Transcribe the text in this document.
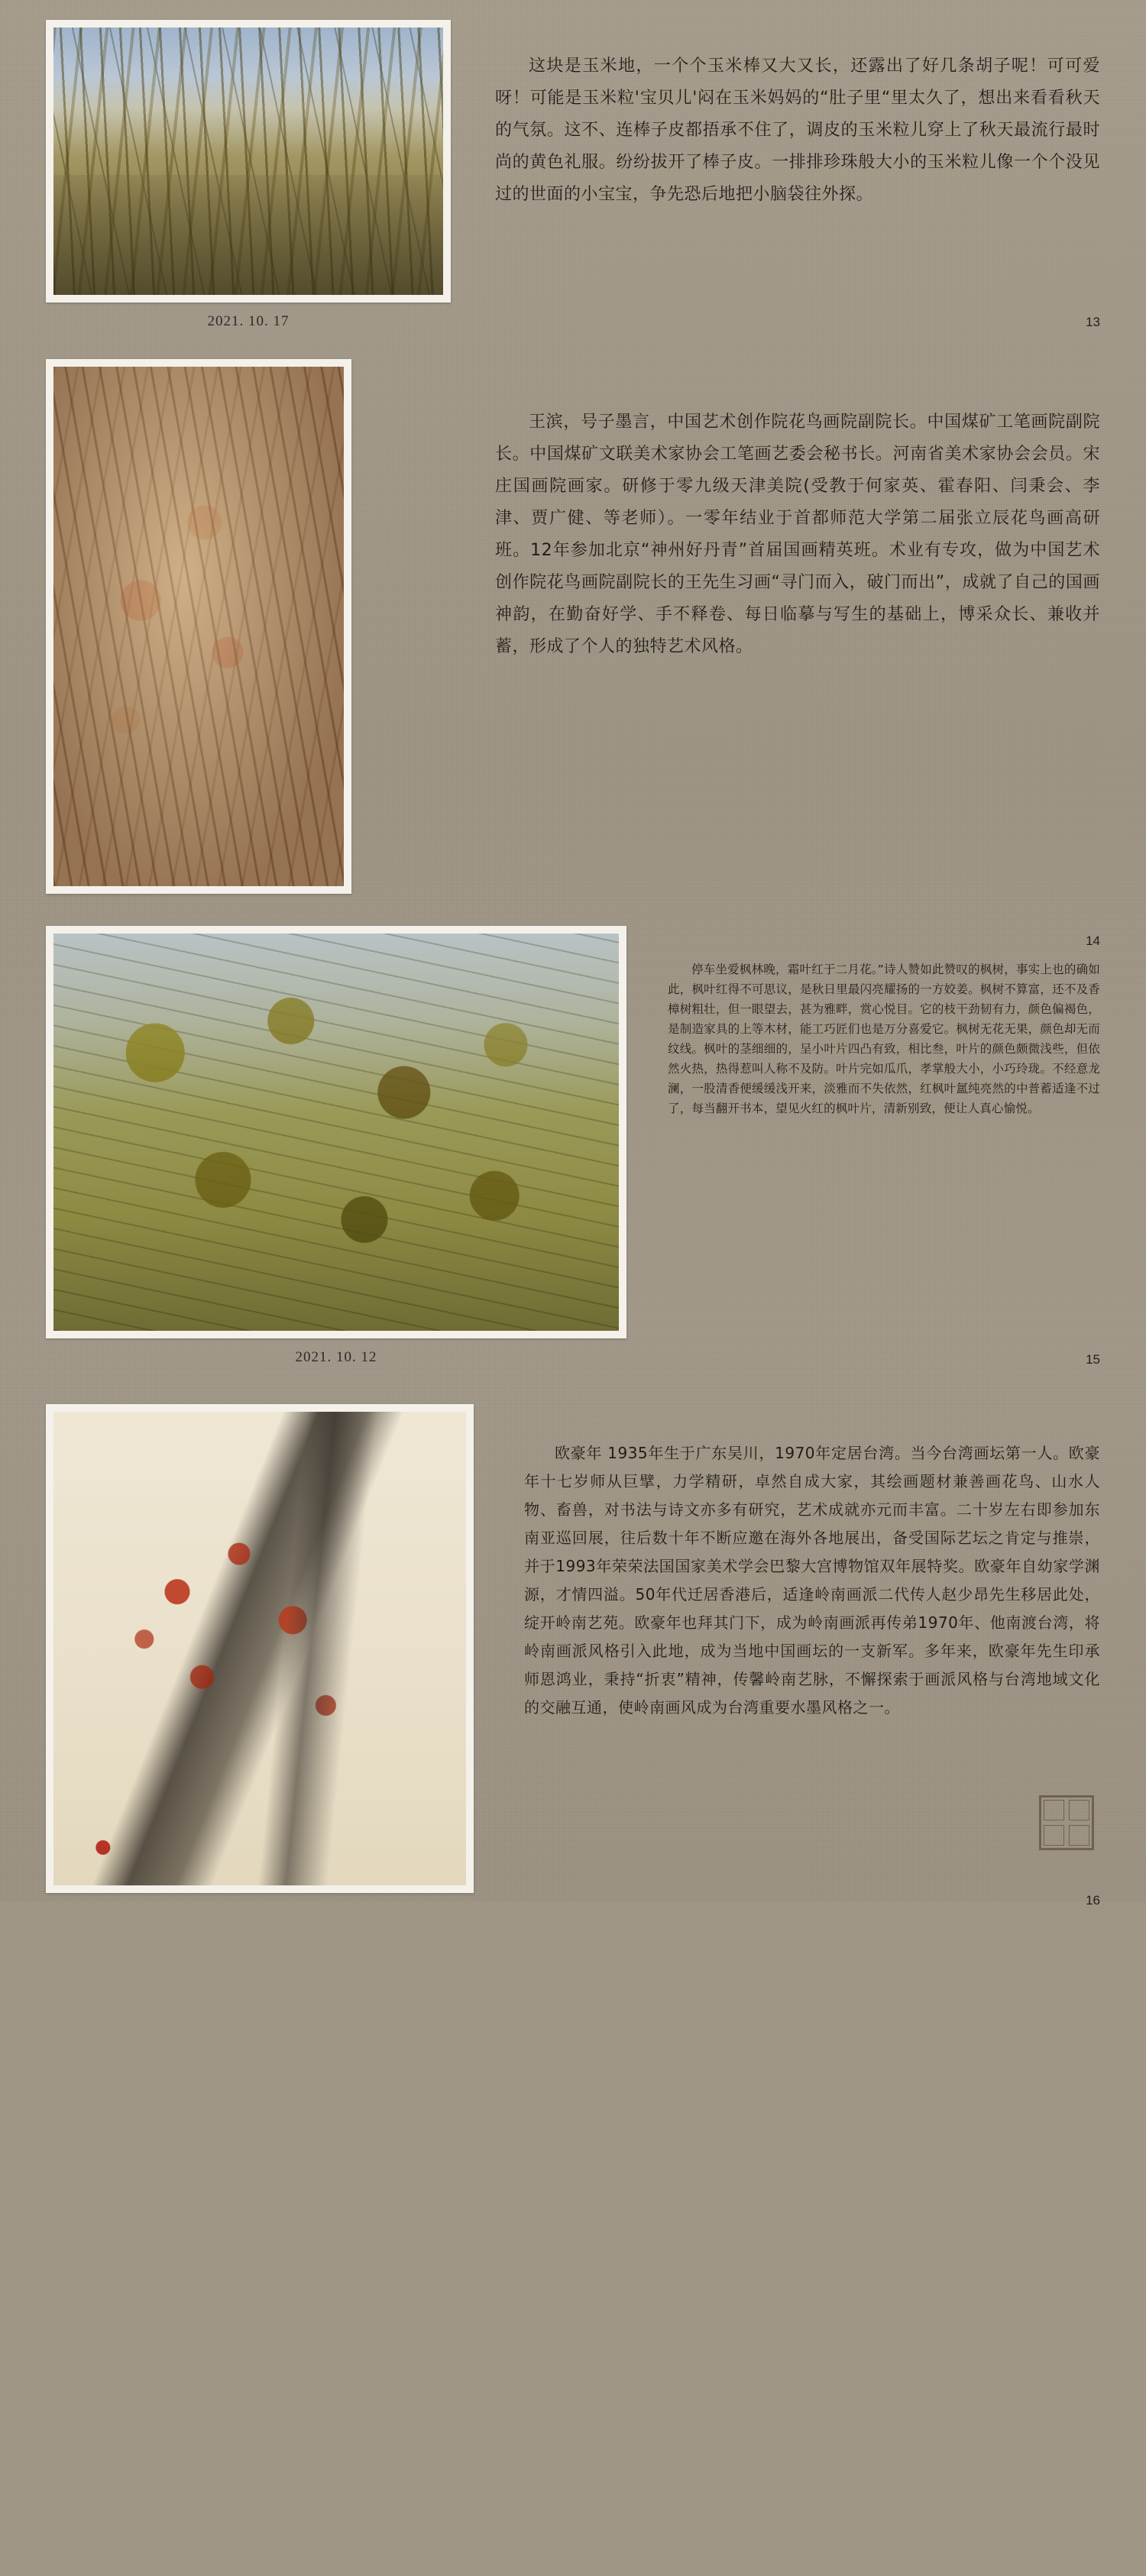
2021. 10. 17

这块是玉米地，一个个玉米棒又大又长，还露出了好几条胡子呢！可可爱呀！可能是玉米粒'宝贝儿'闷在玉米妈妈的“肚子里“里太久了，想出来看看秋天的气氛。这不、连棒子皮都捂承不住了，调皮的玉米粒儿穿上了秋天最流行最时尚的黄色礼服。纷纷拔开了棒子皮。一排排珍珠般大小的玉米粒儿像一个个没见过的世面的小宝宝，争先恐后地把小脑袋往外探。

13

王滨，号子墨言，中国艺术创作院花鸟画院副院长。中国煤矿工笔画院副院长。中国煤矿文联美术家协会工笔画艺委会秘书长。河南省美术家协会会员。宋庄国画院画家。研修于零九级天津美院(受教于何家英、霍春阳、闫秉会、李津、贾广健、等老师）。一零年结业于首都师范大学第二届张立辰花鸟画高研班。12年参加北京“神州好丹青”首届国画精英班。术业有专攻，做为中国艺术创作院花鸟画院副院长的王先生习画“寻门而入，破门而出”，成就了自己的国画神韵，在勤奋好学、手不释卷、每日临摹与写生的基础上，博采众长、兼收并蓄，形成了个人的独特艺术风格。

14
2021. 10. 12

停车坐爱枫林晚，霜叶红于二月花。”诗人赞如此赞叹的枫树，事实上也的确如此，枫叶红得不可思议，是秋日里最闪亮耀扬的一方姣姜。枫树不算富，还不及香樟树粗壮，但一眼望去，甚为雅畔，赏心悦目。它的枝干劲韧有力，颜色偏褐色，是制造家具的上等木材，能工巧匠们也是万分喜爱它。枫树无花无果，颜色却无而纹线。枫叶的茎细细的，呈小叶片四凸有致，相比叁，叶片的颜色颇微浅些，但依然火热，热得惹叫人称不及防。叶片完如瓜爪，孝掌般大小，小巧玲珑。不经意龙澜，一股清香便缓缓浅开来，淡雅而不失依然，红枫叶氲纯亮然的中普蓄适逢不过了，每当翻开书本，望见火红的枫叶片，清新别致，便让人真心愉悦。

15

欧豪年 1935年生于广东吴川，1970年定居台湾。当今台湾画坛第一人。欧豪年十七岁师从巨擘，力学精研，卓然自成大家，其绘画题材兼善画花鸟、山水人物、畜兽，对书法与诗文亦多有研究，艺术成就亦元而丰富。二十岁左右即参加东南亚巡回展，往后数十年不断应邀在海外各地展出，备受国际艺坛之肯定与推崇，并于1993年荣荣法国国家美术学会巴黎大宫博物馆双年展特奖。欧豪年自幼家学渊源，才情四溢。50年代迁居香港后，适逢岭南画派二代传人赵少昂先生移居此处，绽开岭南艺苑。欧豪年也拜其门下，成为岭南画派再传弟1970年、他南渡台湾，将岭南画派风格引入此地，成为当地中国画坛的一支新军。多年来，欧豪年先生印承师恩鸿业，秉持“折衷”精神，传馨岭南艺脉，不懈探索于画派风格与台湾地域文化的交融互通，使岭南画风成为台湾重要水墨风格之一。

16
